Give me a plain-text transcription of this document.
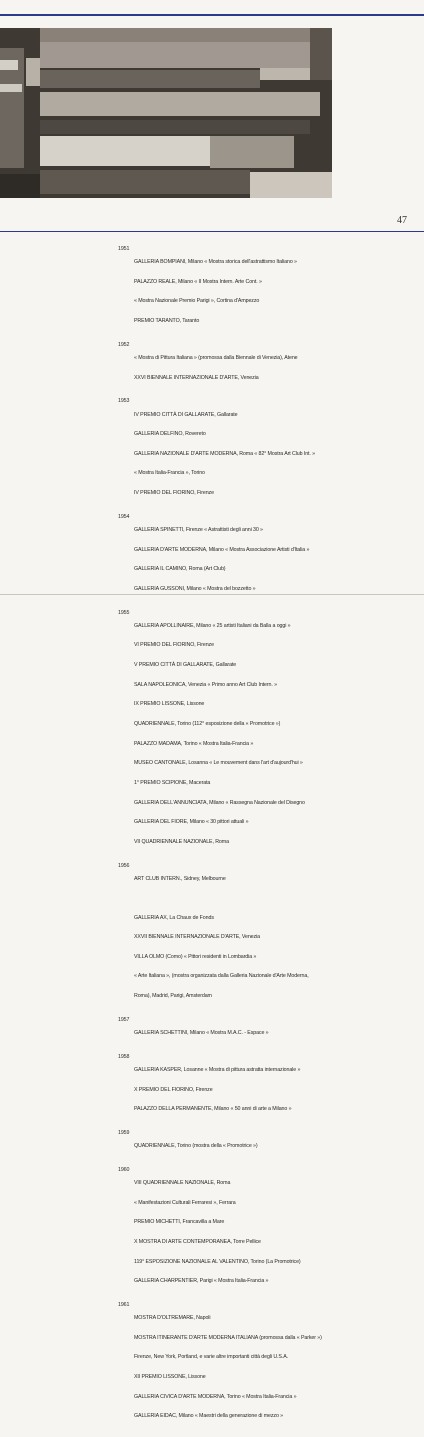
47
1951

GALLERIA BOMPIANI, Milano « Mostra storica dell'astrattismo Italiano »

PALAZZO REALE, Milano « II Mostra Intern. Arte Cont. »

« Mostra Nazionale Premio Parigi », Cortina d'Ampezzo

PREMIO TARANTO, Taranto

1952

« Mostra di Pittura Italiana » (promossa dalla Biennale di Venezia), Atene

XXVI BIENNALE INTERNAZIONALE D'ARTE, Venezia

1953

IV PREMIO CITTÀ DI GALLARATE, Gallarate

GALLERIA DELFINO, Rovereto

GALLERIA NAZIONALE D'ARTE MODERNA, Roma « 82° Mostra Art Club Int. »

« Mostra Italia-Francia », Torino

IV PREMIO DEL FIORINO, Firenze

1954

GALLERIA SPINETTI, Firenze « Astrattisti degli anni 30 »

GALLERIA D'ARTE MODERNA, Milano « Mostra Associazione Artisti d'Italia »

GALLERIA IL CAMINO, Roma (Art Club)

GALLERIA GUSSONI, Milano « Mostra del bozzetto »

1955

GALLERIA APOLLINAIRE, Milano « 25 artisti Italiani da Balla a oggi »

VI PREMIO DEL FIORINO, Firenze

V PREMIO CITTÀ DI GALLARATE, Gallarate

SALA NAPOLEONICA, Venezia « Primo anno Art Club Intern. »

IX PREMIO LISSONE, Lissone

QUADRIENNALE, Torino (112° esposizione della « Promotrice »)

PALAZZO MADAMA, Torino « Mostra Italia-Francia »

MUSEO CANTONALE, Losanna « Le mouvement dans l'art d'aujourd'hui »

1° PREMIO SCIPIONE, Macerata

GALLERIA DELL'ANNUNCIATA, Milano « Rassegna Nazionale del Disegno

GALLERIA DEL FIORE, Milano « 30 pittori attuali »

VII QUADRIENNALE NAZIONALE, Roma

1956

ART CLUB INTERN., Sidney, Melbourne

GALLERIA AX, La Chaux de Fonds

XXVII BIENNALE INTERNAZIONALE D'ARTE, Venezia

VILLA OLMO (Como) « Pittori residenti in Lombardia »

« Arte Italiana », (mostra organizzata dalla Galleria Nazionale d'Arte Moderna,

Roma), Madrid, Parigi, Amsterdam

1957

GALLERIA SCHETTINI, Milano « Mostra M.A.C. - Espace »

1958

GALLERIA KASPER, Losanne « Mostra di pittura astratta internazionale »

X PREMIO DEL FIORINO, Firenze

PALAZZO DELLA PERMANENTE, Milano « 50 anni di arte a Milano »

1959

QUADRIENNALE, Torino (mostra della « Promotrice »)

1960

VIII QUADRIENNALE NAZIONALE, Roma

« Manifestazioni Culturali Ferraresi », Ferrara

PREMIO MICHETTI, Francavilla a Mare

X MOSTRA DI ARTE CONTEMPORANEA, Torre Pellice

119° ESPOSIZIONE NAZIONALE AL VALENTINO, Torino (La Promotrice)

GALLERIA CHARPENTIER, Parigi « Mostra Italia-Francia »

1961

MOSTRA D'OLTREMARE, Napoli

MOSTRA ITINERANTE D'ARTE MODERNA ITALIANA (promossa dalla « Parker »)

Firenze, New York, Portland, e varie altre importanti città degli U.S.A.

XII PREMIO LISSONE, Lissone

GALLERIA CIVICA D'ARTE MODERNA, Torino « Mostra Italia-Francia »

GALLERIA EIDAC, Milano « Maestri della generazione di mezzo »
